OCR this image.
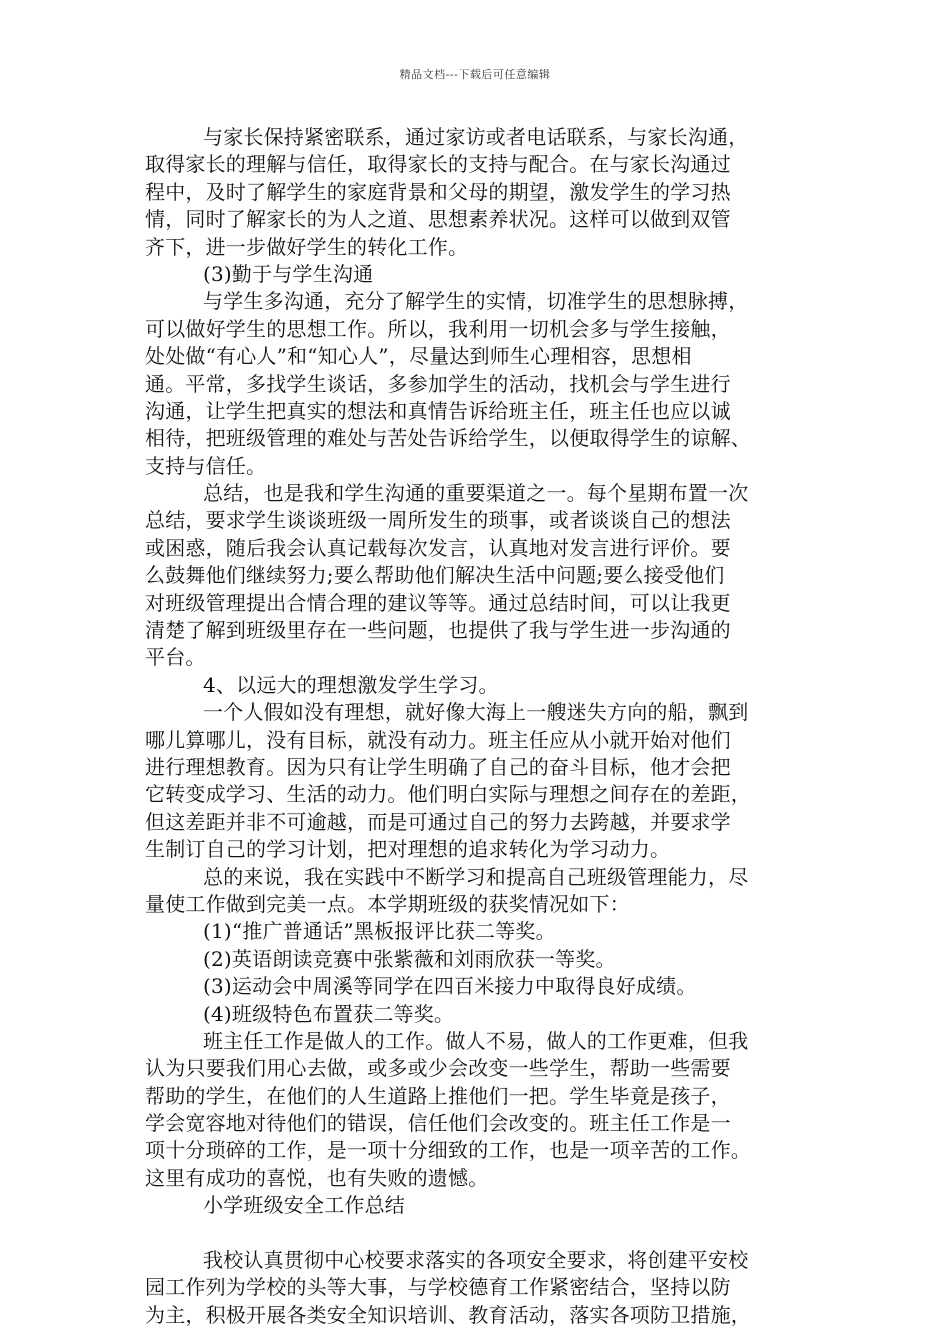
精品文档---下载后可任意编辑
与家长保持紧密联系，通过家访或者电话联系，与家长沟通，
取得家长的理解与信任，取得家长的支持与配合。在与家长沟通过
程中，及时了解学生的家庭背景和父母的期望，激发学生的学习热
情，同时了解家长的为人之道、思想素养状况。这样可以做到双管
齐下，进一步做好学生的转化工作。
(3)勤于与学生沟通
与学生多沟通，充分了解学生的实情，切准学生的思想脉搏，
可以做好学生的思想工作。所以，我利用一切机会多与学生接触，
处处做“有心人”和“知心人”，尽量达到师生心理相容，思想相
通。平常，多找学生谈话，多参加学生的活动，找机会与学生进行
沟通，让学生把真实的想法和真情告诉给班主任，班主任也应以诚
相待，把班级管理的难处与苦处告诉给学生，以便取得学生的谅解、
支持与信任。
总结，也是我和学生沟通的重要渠道之一。每个星期布置一次
总结，要求学生谈谈班级一周所发生的琐事，或者谈谈自己的想法
或困惑，随后我会认真记载每次发言，认真地对发言进行评价。要
么鼓舞他们继续努力;要么帮助他们解决生活中问题;要么接受他们
对班级管理提出合情合理的建议等等。通过总结时间，可以让我更
清楚了解到班级里存在一些问题，也提供了我与学生进一步沟通的
平台。
4、以远大的理想激发学生学习。
一个人假如没有理想，就好像大海上一艘迷失方向的船，飘到
哪儿算哪儿，没有目标，就没有动力。班主任应从小就开始对他们
进行理想教育。因为只有让学生明确了自己的奋斗目标，他才会把
它转变成学习、生活的动力。他们明白实际与理想之间存在的差距，
但这差距并非不可逾越，而是可通过自己的努力去跨越，并要求学
生制订自己的学习计划，把对理想的追求转化为学习动力。
总的来说，我在实践中不断学习和提高自己班级管理能力，尽
量使工作做到完美一点。本学期班级的获奖情况如下：
(1)“推广普通话”黑板报评比获二等奖。
(2)英语朗读竞赛中张紫薇和刘雨欣获一等奖。
(3)运动会中周溪等同学在四百米接力中取得良好成绩。
(4)班级特色布置获二等奖。
班主任工作是做人的工作。做人不易，做人的工作更难，但我
认为只要我们用心去做，或多或少会改变一些学生，帮助一些需要
帮助的学生，在他们的人生道路上推他们一把。学生毕竟是孩子，
学会宽容地对待他们的错误，信任他们会改变的。班主任工作是一
项十分琐碎的工作，是一项十分细致的工作，也是一项辛苦的工作。
这里有成功的喜悦，也有失败的遗憾。
小学班级安全工作总结
我校认真贯彻中心校要求落实的各项安全要求，将创建平安校
园工作列为学校的头等大事，与学校德育工作紧密结合，坚持以防
为主，积极开展各类安全知识培训、教育活动，落实各项防卫措施，
